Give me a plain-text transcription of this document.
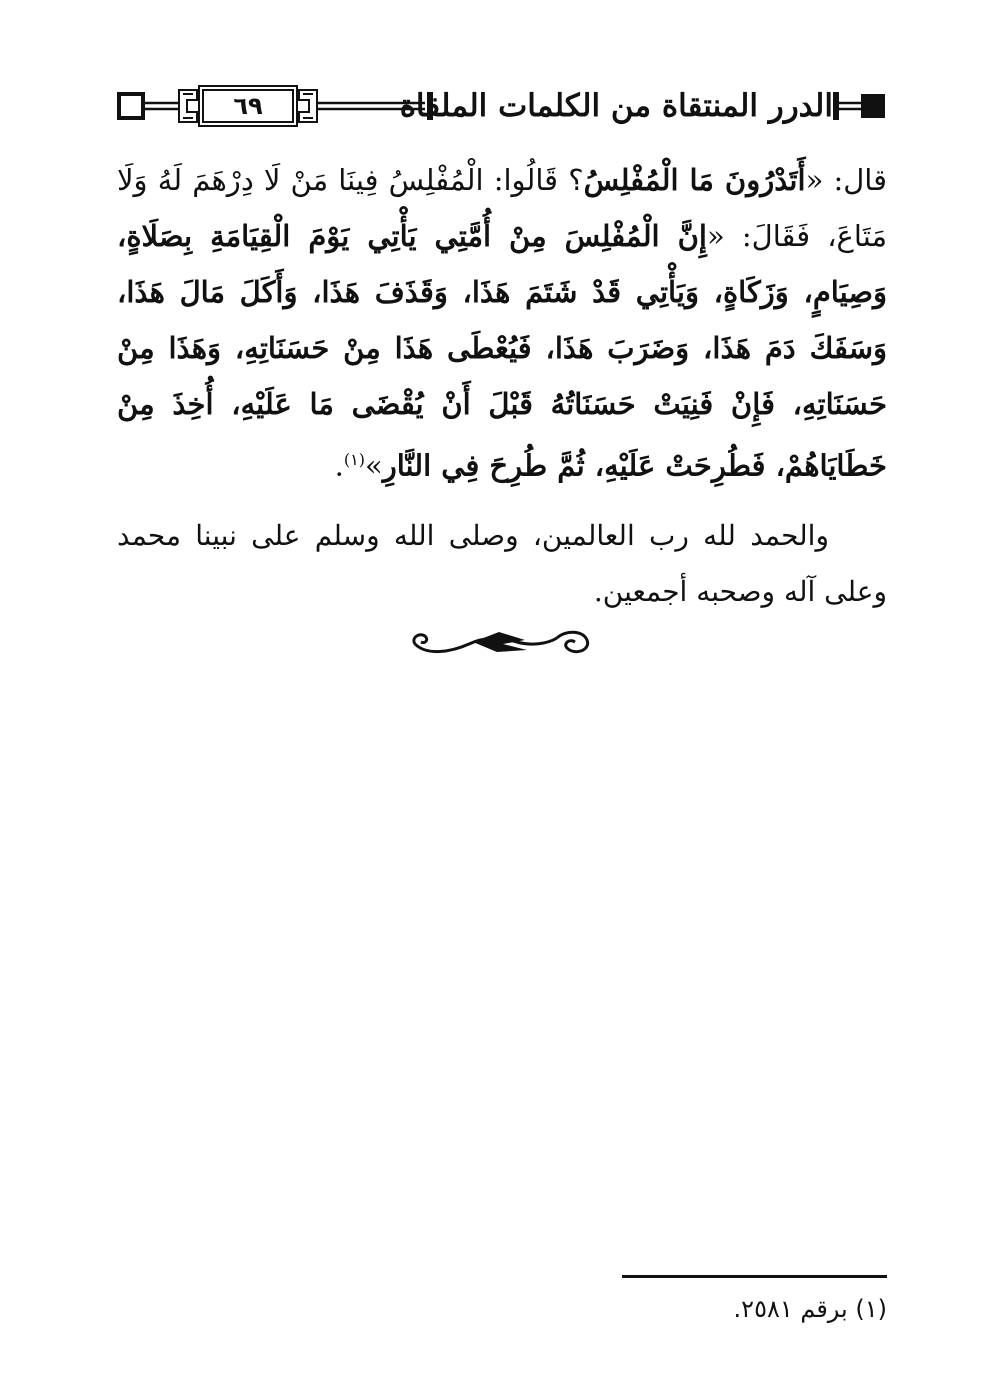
٦٩	الدرر المنتقاة من الكلمات الملقاة

قال: «أَتَدْرُونَ مَا الْمُفْلِسُ؟ قَالُوا: الْمُفْلِسُ فِينَا مَنْ لَا دِرْهَمَ لَهُ وَلَا مَتَاعَ، فَقَالَ: «إِنَّ الْمُفْلِسَ مِنْ أُمَّتِي يَأْتِي يَوْمَ الْقِيَامَةِ بِصَلَاةٍ، وَصِيَامٍ، وَزَكَاةٍ، وَيَأْتِي قَدْ شَتَمَ هَذَا، وَقَذَفَ هَذَا، وَأَكَلَ مَالَ هَذَا، وَسَفَكَ دَمَ هَذَا، وَضَرَبَ هَذَا، فَيُعْطَى هَذَا مِنْ حَسَنَاتِهِ، وَهَذَا مِنْ حَسَنَاتِهِ، فَإِنْ فَنِيَتْ حَسَنَاتُهُ قَبْلَ أَنْ يُقْضَى مَا عَلَيْهِ، أُخِذَ مِنْ خَطَايَاهُمْ، فَطُرِحَتْ عَلَيْهِ، ثُمَّ طُرِحَ فِي النَّارِ»$^{(١)}$.

والحمد لله رب العالمين، وصلى الله وسلم على نبينا محمد وعلى آله وصحبه أجمعين.

(١) برقم ٢٥٨١.
